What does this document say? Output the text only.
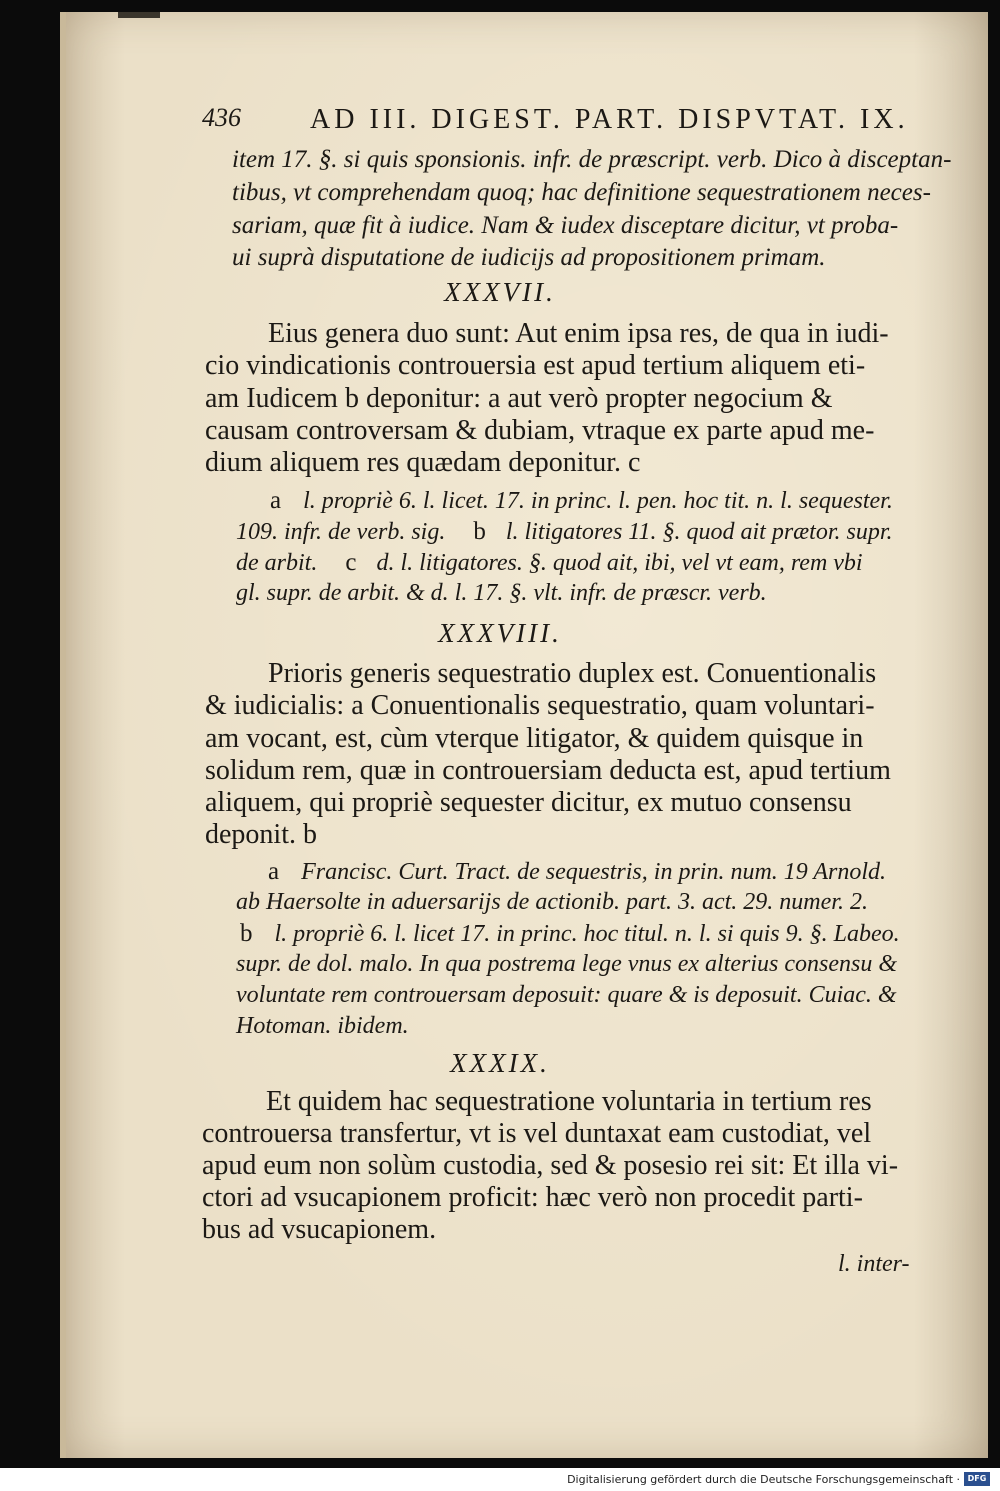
436 AD III. DIGEST. PART. DISPVTAT. IX.
item 17. §. si quis sponsionis. infr. de præscript. verb. Dico à disceptan-
tibus, vt comprehendam quoq; hac definitione sequestrationem neces-
sariam, quæ fit à iudice. Nam & iudex disceptare dicitur, vt proba-
ui suprà disputatione de iudicijs ad propositionem primam.
XXXVII.
Eius genera duo sunt: Aut enim ipsa res, de qua in iudi-
cio vindicationis controuersia est apud tertium aliquem eti-
am Iudicem b deponitur: a aut verò propter negocium &
causam controversam & dubiam, vtraque ex parte apud me-
dium aliquem res quædam deponitur. c
a l. propriè 6. l. licet. 17. in princ. l. pen. hoc tit. n. l. sequester.
109. infr. de verb. sig. b l. litigatores 11. §. quod ait prætor. supr.
de arbit. c d. l. litigatores. §. quod ait, ibi, vel vt eam, rem vbi
gl. supr. de arbit. & d. l. 17. §. vlt. infr. de præscr. verb.
XXXVIII.
Prioris generis sequestratio duplex est. Conuentionalis
& iudicialis: a Conuentionalis sequestratio, quam voluntari-
am vocant, est, cùm vterque litigator, & quidem quisque in
solidum rem, quæ in controuersiam deducta est, apud tertium
aliquem, qui propriè sequester dicitur, ex mutuo consensu
deponit. b
a Francisc. Curt. Tract. de sequestris, in prin. num. 19 Arnold.
ab Haersolte in aduersarijs de actionib. part. 3. act. 29. numer. 2.
b l. propriè 6. l. licet 17. in princ. hoc titul. n. l. si quis 9. §. Labeo.
supr. de dol. malo. In qua postrema lege vnus ex alterius consensu &
voluntate rem controuersam deposuit: quare & is deposuit. Cuiac. &
Hotoman. ibidem.
XXXIX.
Et quidem hac sequestratione voluntaria in tertium res
controuersa transfertur, vt is vel duntaxat eam custodiat, vel
apud eum non solùm custodia, sed & posesio rei sit: Et illa vi-
ctori ad vsucapionem proficit: hæc verò non procedit parti-
bus ad vsucapionem.
l. inter-
Digitalisierung gefördert durch die Deutsche Forschungsgemeinschaft · DFG
